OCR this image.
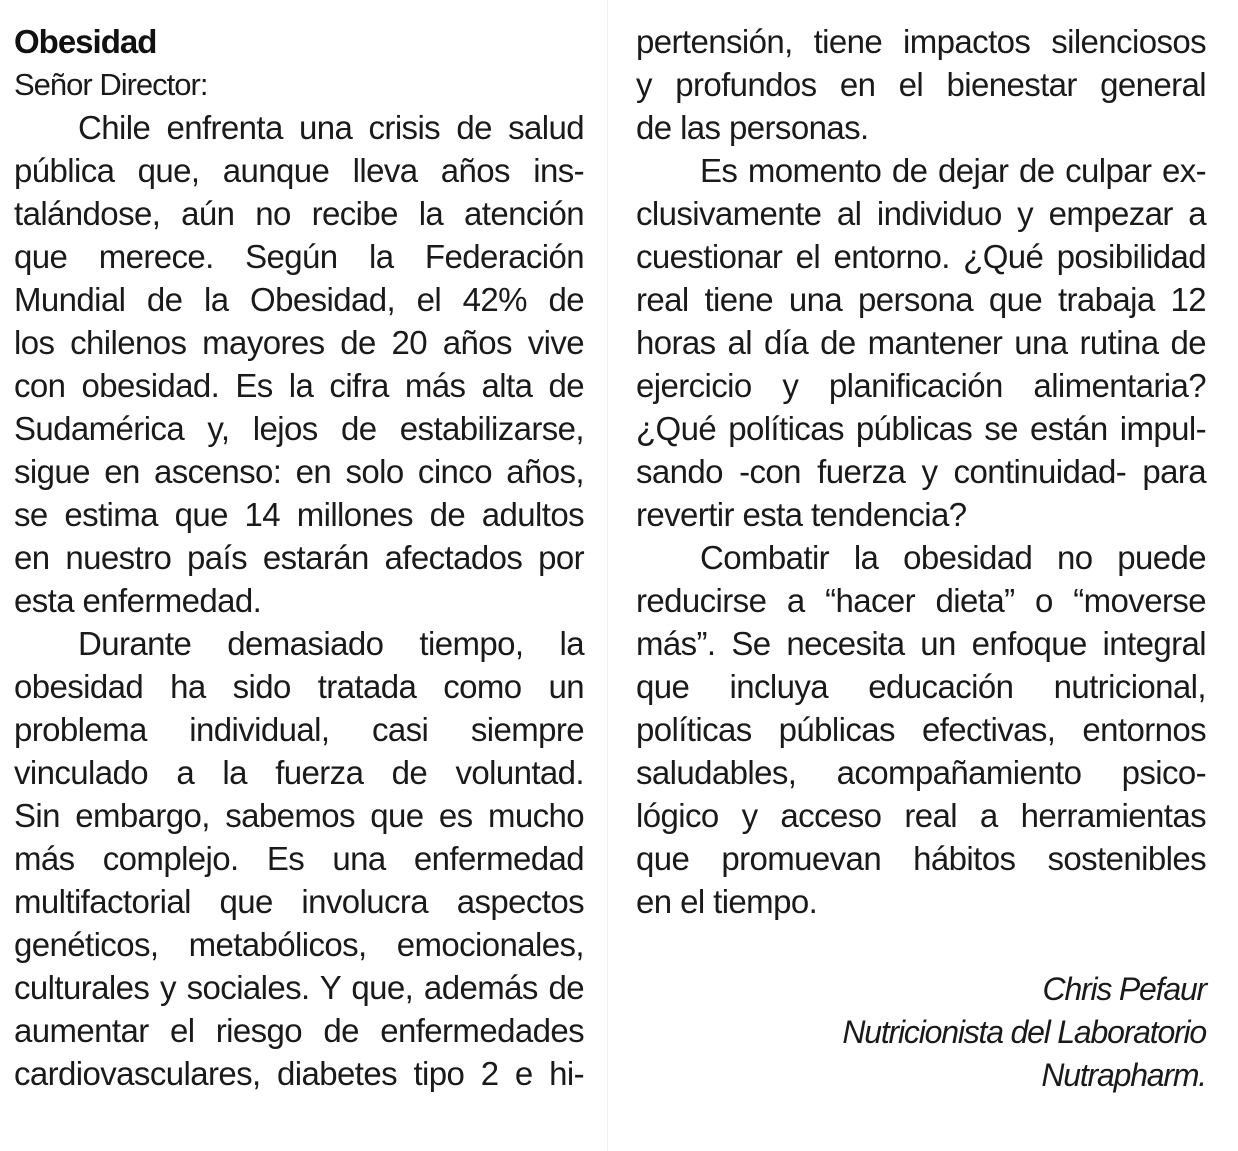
Obesidad
Señor Director:
Chile enfrenta una crisis de salud
pública que, aunque lleva años ins-
talándose, aún no recibe la atención
que merece. Según la Federación
Mundial de la Obesidad, el 42% de
los chilenos mayores de 20 años vive
con obesidad. Es la cifra más alta de
Sudamérica y, lejos de estabilizarse,
sigue en ascenso: en solo cinco años,
se estima que 14 millones de adultos
en nuestro país estarán afectados por
esta enfermedad.
Durante demasiado tiempo, la
obesidad ha sido tratada como un
problema individual, casi siempre
vinculado a la fuerza de voluntad.
Sin embargo, sabemos que es mucho
más complejo. Es una enfermedad
multifactorial que involucra aspectos
genéticos, metabólicos, emocionales,
culturales y sociales. Y que, además de
aumentar el riesgo de enfermedades
cardiovasculares, diabetes tipo 2 e hi-
pertensión, tiene impactos silenciosos
y profundos en el bienestar general
de las personas.
Es momento de dejar de culpar ex-
clusivamente al individuo y empezar a
cuestionar el entorno. ¿Qué posibilidad
real tiene una persona que trabaja 12
horas al día de mantener una rutina de
ejercicio y planificación alimentaria?
¿Qué políticas públicas se están impul-
sando -con fuerza y continuidad- para
revertir esta tendencia?
Combatir la obesidad no puede
reducirse a “hacer dieta” o “moverse
más”. Se necesita un enfoque integral
que incluya educación nutricional,
políticas públicas efectivas, entornos
saludables, acompañamiento psico-
lógico y acceso real a herramientas
que promuevan hábitos sostenibles
en el tiempo.
Chris Pefaur
Nutricionista del Laboratorio
Nutrapharm.
